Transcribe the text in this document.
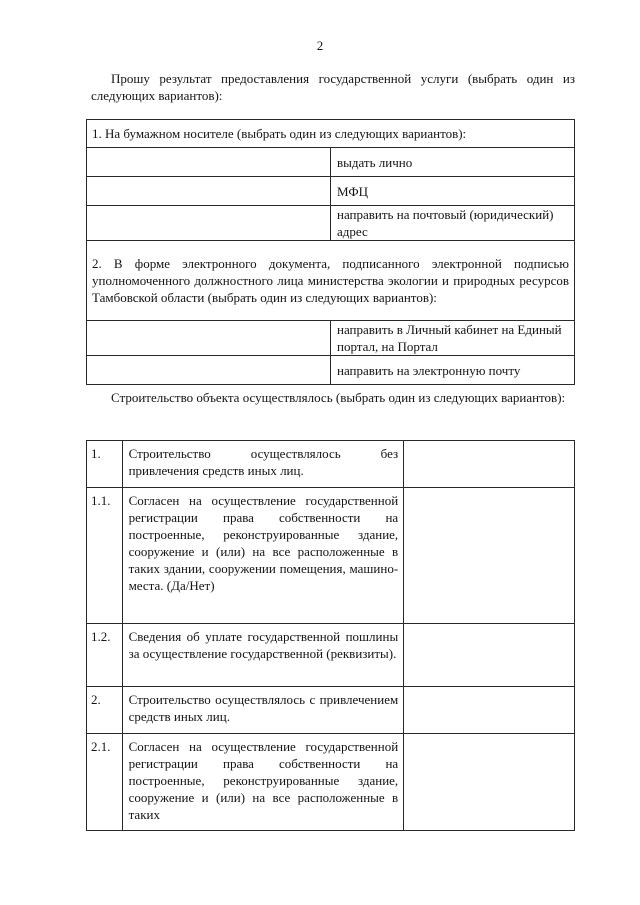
2
Прошу результат предоставления государственной услуги (выбрать один из следующих вариантов):
1. На бумажном носителе (выбрать один из следующих вариантов):	
	выдать лично
	МФЦ
	направить на почтовый (юридический) адрес
2. В форме электронного документа, подписанного электронной подписью уполномоченного должностного лица министерства экологии и природных ресурсов Тамбовской области (выбрать один из следующих вариантов):	
	направить в Личный кабинет на Единый портал, на Портал
	направить на электронную почту
Строительство объекта осуществлялось (выбрать один из следующих вариантов):
1.	Строительство осуществлялось без привлечения средств иных лиц.	
1.1.	Согласен на осуществление государственной регистрации права собственности на построенные, реконструированные здание, сооружение и (или) на все расположенные в таких здании, сооружении помещения, машино-места. (Да/Нет)	
1.2.	Сведения об уплате государственной пошлины за осуществление государственной (реквизиты).	
2.	Строительство осуществлялось с привлечением средств иных лиц.	
2.1.	Согласен на осуществление государственной регистрации права собственности на построенные, реконструированные здание, сооружение и (или) на все расположенные в таких	
